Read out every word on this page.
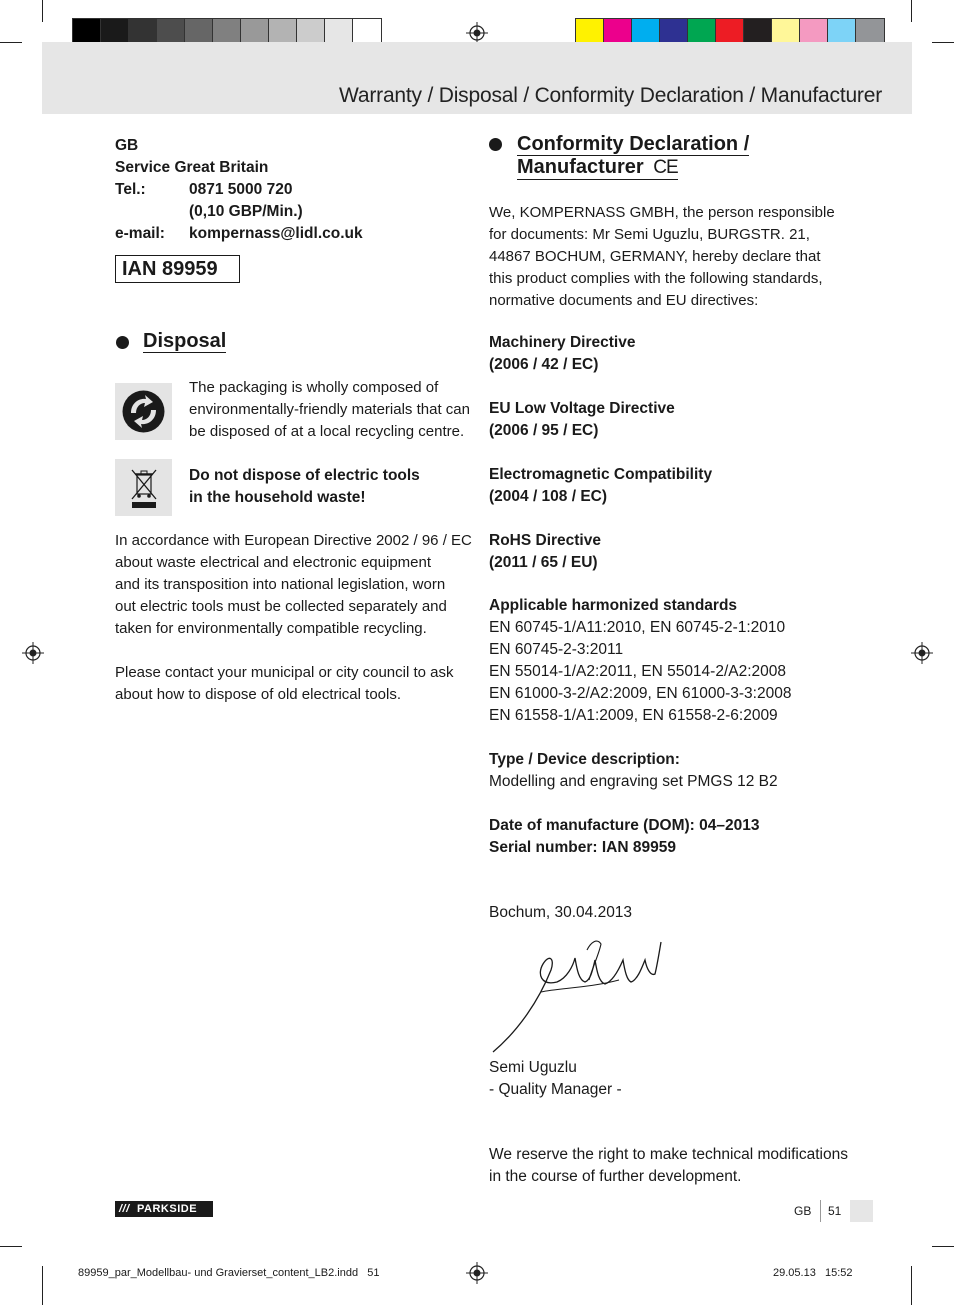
Warranty / Disposal / Conformity Declaration / Manufacturer
GB
Service Great Britain
Tel.:	0871 5000 720
(0,10 GBP/Min.)
e-mail: kompernass@lidl.co.uk
IAN 89959
Disposal
The packaging is wholly composed of
environmentally-friendly materials that can
be disposed of at a local recycling centre.
Do not dispose of electric tools
in the household waste!
In accordance with European Directive 2002 / 96 / EC
about waste electrical and electronic equipment
and its transposition into national legislation, worn
out electric tools must be collected separately and
taken for environmentally compatible recycling.
Please contact your municipal or city council to ask
about how to dispose of old electrical tools.
Conformity Declaration /
Manufacturer CE
We, KOMPERNASS GMBH, the person responsible
for documents: Mr Semi Uguzlu, BURGSTR. 21,
44867 BOCHUM, GERMANY, hereby declare that
this product complies with the following standards,
normative documents and EU directives:
Machinery Directive
(2006 / 42 / EC)
EU Low Voltage Directive
(2006 / 95 / EC)
Electromagnetic Compatibility
(2004 / 108 / EC)
RoHS Directive
(2011 / 65 / EU)
Applicable harmonized standards
EN 60745-1/A11:2010, EN 60745-2-1:2010
EN 60745-2-3:2011
EN 55014-1/A2:2011, EN 55014-2/A2:2008
EN 61000-3-2/A2:2009, EN 61000-3-3:2008
EN 61558-1/A1:2009, EN 61558-2-6:2009
Type / Device description:
Modelling and engraving set PMGS 12 B2
Date of manufacture (DOM): 04–2013
Serial number: IAN 89959
Bochum, 30.04.2013
Semi Uguzlu
- Quality Manager -
We reserve the right to make technical modifications
in the course of further development.
/// PARKSIDE	GB 51
89959_par_Modellbau- und Gravierset_content_LB2.indd   51	29.05.13   15:52
